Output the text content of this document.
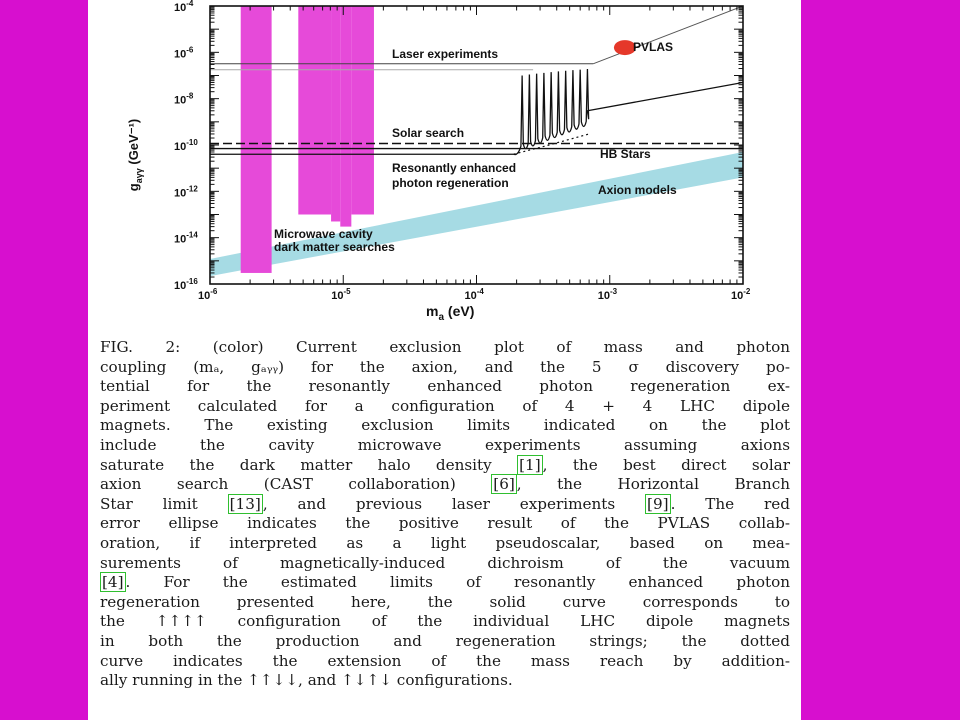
$10^{-6}$	$10^{-5}$	$10^{-4}$	$10^{-3}$	$10^{-2}$
$10^{-4}$
$10^{-6}$
$10^{-8}$
$10^{-10}$
$10^{-12}$
$10^{-14}$
$10^{-16}$
Laser experiments	PVLAS
Solar search
HB Stars
Resonantly enhanced
photon regeneration	Axion models
Microwave cavity
dark matter searches
$m_a$ (eV)
$g_{a\gamma\gamma}$ (GeV⁻¹)
FIG. 2: (color) Current exclusion plot of mass and photon
coupling (mₐ, gₐᵧᵧ) for the axion, and the 5 σ discovery po-
tential for the resonantly enhanced photon regeneration ex-
periment calculated for a configuration of 4 + 4 LHC dipole
magnets. The existing exclusion limits indicated on the plot
include the cavity microwave experiments assuming axions
saturate the dark matter halo density [1] , the best direct solar
axion search (CAST collaboration) [6] , the Horizontal Branch
Star limit [13] , and previous laser experiments [9] . The red
error ellipse indicates the positive result of the PVLAS collab-
oration, if interpreted as a light pseudoscalar, based on mea-
surements of magnetically-induced dichroism of the vacuum
[4] . For the estimated limits of resonantly enhanced photon
regeneration presented here, the solid curve corresponds to
the ↑↑↑↑ configuration of the individual LHC dipole magnets
in both the production and regeneration strings; the dotted
curve indicates the extension of the mass reach by addition-
ally running in the ↑↑↓↓, and ↑↓↑↓ configurations.
